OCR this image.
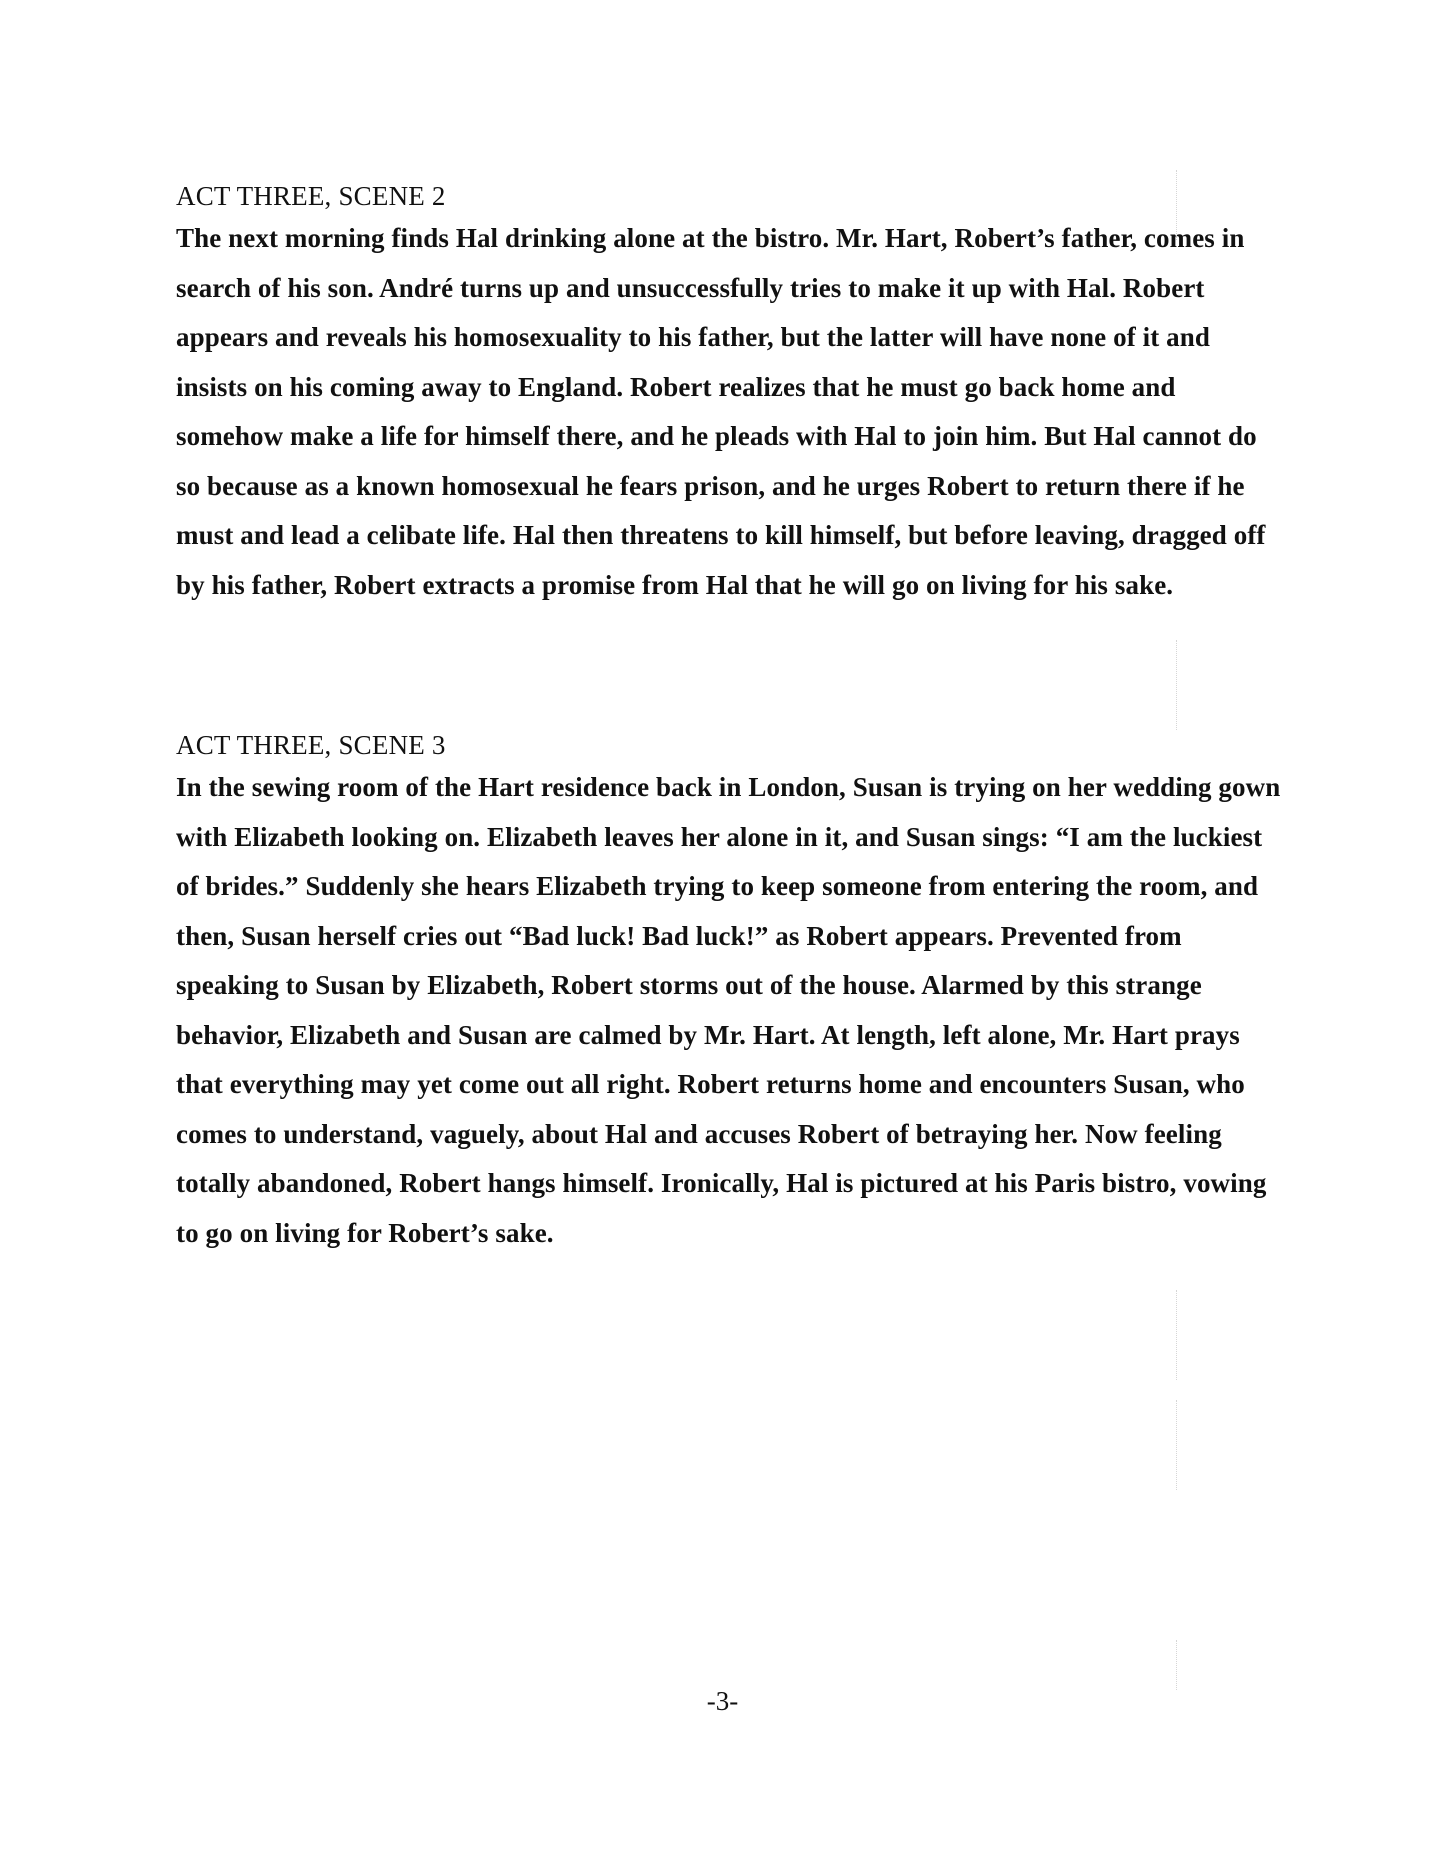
ACT THREE, SCENE 2

The next morning finds Hal drinking alone at the bistro. Mr. Hart, Robert’s father, comes in search of his son. André turns up and unsuccessfully tries to make it up with Hal. Robert appears and reveals his homosexuality to his father, but the latter will have none of it and insists on his coming away to England. Robert realizes that he must go back home and somehow make a life for himself there, and he pleads with Hal to join him. But Hal cannot do so because as a known homosexual he fears prison, and he urges Robert to return there if he must and lead a celibate life. Hal then threatens to kill himself, but before leaving, dragged off by his father, Robert extracts a promise from Hal that he will go on living for his sake.

ACT THREE, SCENE 3

In the sewing room of the Hart residence back in London, Susan is trying on her wedding gown with Elizabeth looking on. Elizabeth leaves her alone in it, and Susan sings: “I am the luckiest of brides.” Suddenly she hears Elizabeth trying to keep someone from entering the room, and then, Susan herself cries out “Bad luck! Bad luck!” as Robert appears. Prevented from speaking to Susan by Elizabeth, Robert storms out of the house. Alarmed by this strange behavior, Elizabeth and Susan are calmed by Mr. Hart. At length, left alone, Mr. Hart prays that everything may yet come out all right. Robert returns home and encounters Susan, who comes to understand, vaguely, about Hal and accuses Robert of betraying her. Now feeling totally abandoned, Robert hangs himself. Ironically, Hal is pictured at his Paris bistro, vowing to go on living for Robert’s sake.

-3-
